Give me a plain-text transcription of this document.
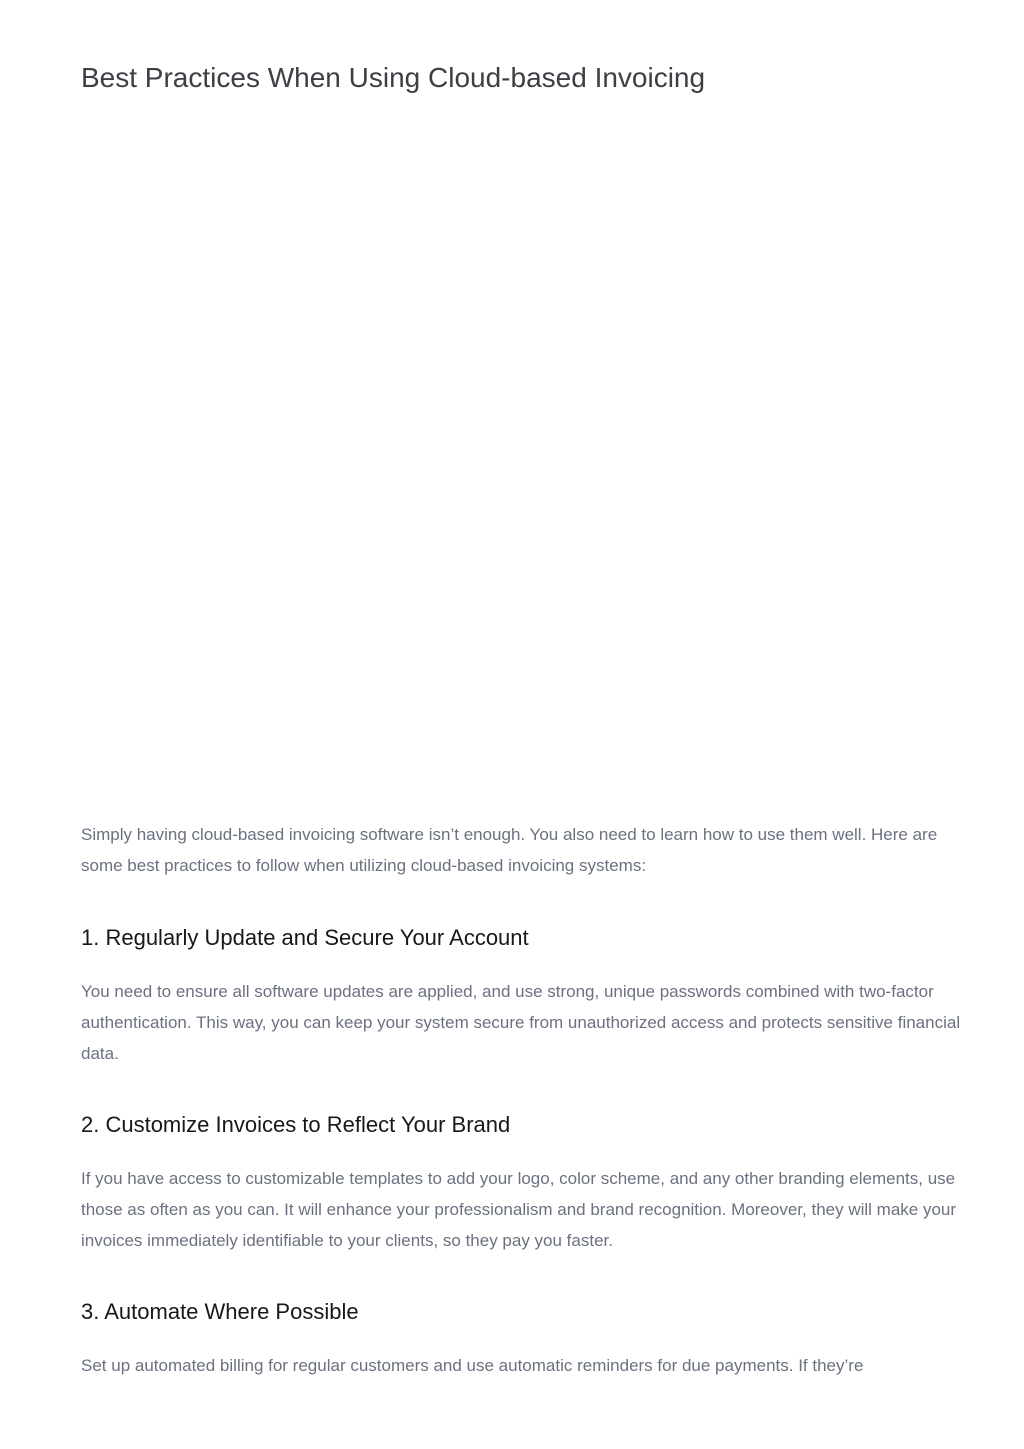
Best Practices When Using Cloud-based Invoicing

Simply having cloud-based invoicing software isn’t enough. You also need to learn how to use them well. Here are some best practices to follow when utilizing cloud-based invoicing systems:

1. Regularly Update and Secure Your Account

You need to ensure all software updates are applied, and use strong, unique passwords combined with two-factor authentication. This way, you can keep your system secure from unauthorized access and protects sensitive financial data.

2. Customize Invoices to Reflect Your Brand

If you have access to customizable templates to add your logo, color scheme, and any other branding elements, use those as often as you can. It will enhance your professionalism and brand recognition. Moreover, they will make your invoices immediately identifiable to your clients, so they pay you faster.

3. Automate Where Possible

Set up automated billing for regular customers and use automatic reminders for due payments. If they’re
